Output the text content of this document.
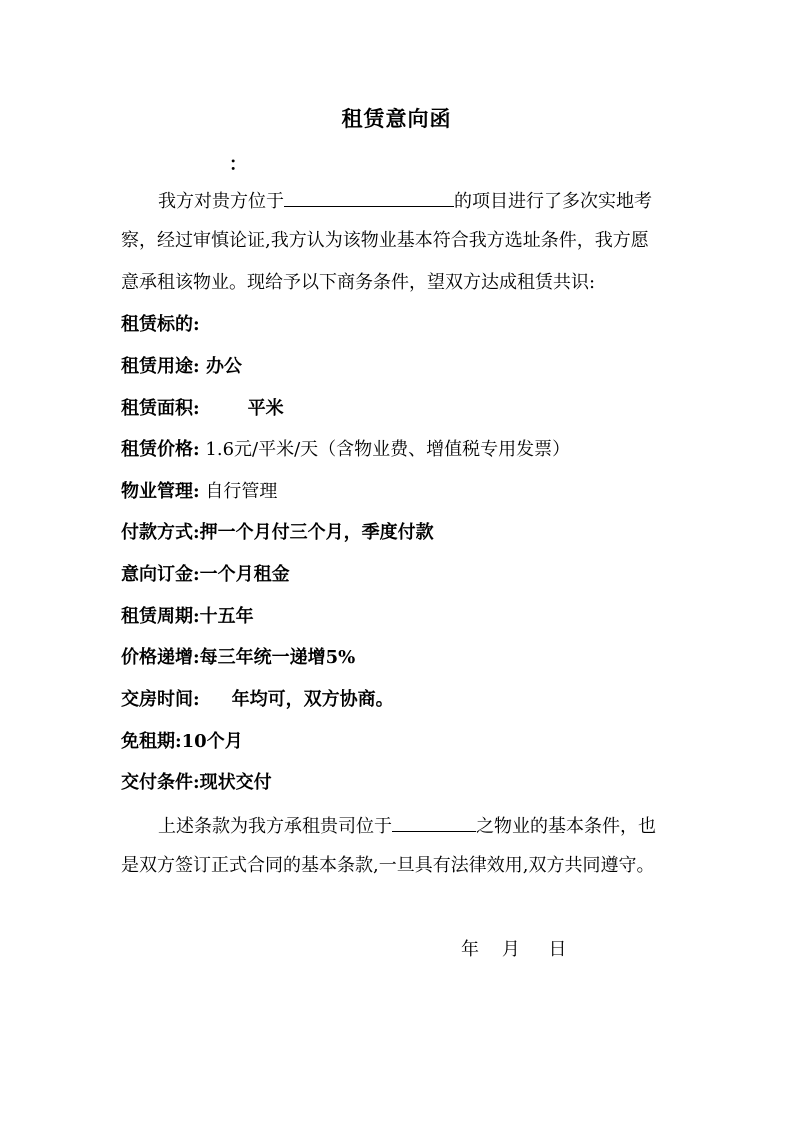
租赁意向函
：
我方对贵方位于	的项目进行了多次实地考
察，经过审慎论证,我方认为该物业基本符合我方选址条件，我方愿
意承租该物业。现给予以下商务条件，望双方达成租赁共识:
租赁标的:
租赁用途: 办公
租赁面积:	平米
租赁价格: 1.6元/平米/天（含物业费、增值税专用发票）
物业管理: 自行管理
付款方式:押一个月付三个月，季度付款
意向订金:一个月租金
租赁周期:十五年
价格递增:每三年统一递增5%
交房时间: 年均可，双方协商。
免租期:10个月
交付条件:现状交付
上述条款为我方承租贵司位于	之物业的基本条件，也
是双方签订正式合同的基本条款,一旦具有法律效用,双方共同遵守。
年    月     日
